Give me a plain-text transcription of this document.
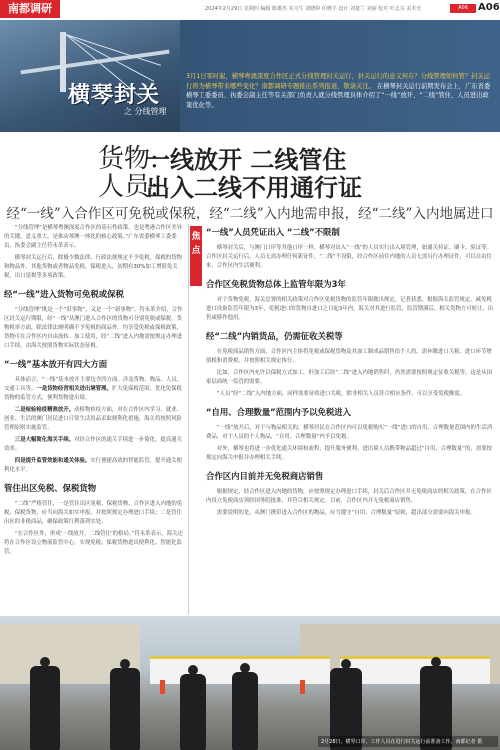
南都调研	2024年2月29日 星期四 编辑 陈雄杰 实习生 刘晓婷 任晓平 设计 刘楚兰 刘丽 校对 叶志芬 美术史	A06	A06
横琴封关
之 分线管理
3月1日零时起，横琴粤澳深度合作区正式分线管理封关运行，封关运行的意义何在？分线管理如何管？封关运行将为横琴带来哪些变化？南都调研专题推出系列报道，敬请关注。 在横琴封关运行前期发布会上，广东省委横琴工委委员、执委会副主任等有关部门负责人就分线管理具体介绍了“一线”放开、“二线”管住、人员进出政策优化等。
货物:
一线放开 二线管住
人员:
出入二线不用通行证
经“一线”入合作区可免税或保税，经“二线”入内地需申报，经“二线”入内地属进口

“分线管理”是横琴粤澳深度合作区的基石性政策，也是粤港合作区差异的关键，意义重大，是推动琴澳一体化的核心政策。”广东省委横琴工委委员、执委会副主任符永革表示。

横琴封关运行后，除极少数法律、行政法规规定不予免税，保税的货物和物品外，其他货物或者物品免税、保税进入，初期有30%加工增值免关税，出口退税等多项政策。

经“一线”进入货物可免税或保税

“分线管理”既是一个“旧事物”，又是一个“新事物”，符永革介绍，合作区封关运行期限，经“一线”从澳门进入合作区的货物可分别免税或保税。货物税率方面，除法律法规明确不予免税的商品外，均享受免税或保税政策，货物可在合作区内自由流转、加工使用，经“二线”进入内地需按规定办理进口手续，由海关按照货物实际状态征税。

“一线”基本放开有四大方面

具体而言，“一线”基本放开主要包含四方面，涉及货物、物品、人员、交通工具等。一是货物经营相关进出境管理。扩大免保税范围，优化免保税货物的监管方式，便利货物进出境。

二是检验检疫精准放开。动植物检疫方面，对在合作区内学习、就业、创业、生活的澳门居民进口日常生活用品采取便利化措施，海关将按照风险管理原则实施监管。

三是大幅简化海关手续。对经合作区的通关手续进一步简化，提高通关效率。

四是提升监管效能和通关体验。实行便捷高效的智能监管，提升通关便利化水平。

管住出区免税、保税货物

“二线”严格管住，一是管住出区免税、保税货物，合作区进入内地的免税、保税货物，应当向海关如实申报，并按照规定办理进口手续；二是管住出区的非税商品，确保政策红利落到实处。

“在合作区外，形成‘一线放开、二线管住’的格局。”符永革表示，海关还将在合作区设立物流监管中心，实现免税、保税货物进出便利化、智能化监管。

焦点
“一线”人员凭证出入 “二线”不限制

横琴封关后，与澳门口岸等其他口岸一样，横琴对出入“一线”的人员实行出入境管理，如通关持证、刷卡、验证等。合作区封关运行后，人员无需办理任何新证件，“二线”不设限，经合作区前往内地的人员无需另行办理证件，可以自由往来，合作区内生活便利。

合作区免税货物总体上监管年限为3年

对于货物免税，海关总署的相关政策对合作区免税货物的监管年限做出规定，记者获悉，根据海关监管规定，减免税进口设备监管年限为3年，免税进口的货物自进口之日起3年内，海关对其进行监管，监管期满后，相关货物方可转让、出售或移作他用。

经“二线”内销货品，仍需征收关税等

在免税商品销售方面，合作区内主体将免税或保税货物及其加工制成品销售给个人的，需补缴进口关税、进口环节增值税和消费税，并按照相关规定执行。

比如，合作区内允许以保税方式加工，但加工后经“二线”进入内地销售时，仍然需要按照规定征收关税等，这是从国家层面统一监管的需要。

“人员”经“二线”入内地方面，同样需要征收进口关税，除非相关人员符合相应条件，可以享受免税额度。

“自用、合理数量”范围内予以免税进入

“一线”放开后，对于与物品相关的，横琴居民在合作区内可以免税购买“一线”进口的自用、合理数量范围内的生活消费品，对于人员的个人物品，“自用、合理数量”内予以免税。

对外，横琴也将进一步优化通关环境和流程，提升服务便利。进出境人员携带物品超过“自用、合理数量”的，需要按规定向海关申报并办理相关手续。

合作区内目前并无免税商店销售

根据规定，经合作区进入内地的货物，应按照规定办理进口手续，封关后合作区并无免税商店的相关政策，在合作区内设立免税商店须经国务院批准，并符合相关规定。目前，合作区内并无免税商店销售。

需要说明的是，从澳门携带进入合作区的物品，应当遵守“自用、合理数量”原则，超出部分需要向海关申报。

2月28日，横琴口岸，工作人员在进行封关运行前准备工作。南都记者 摄
